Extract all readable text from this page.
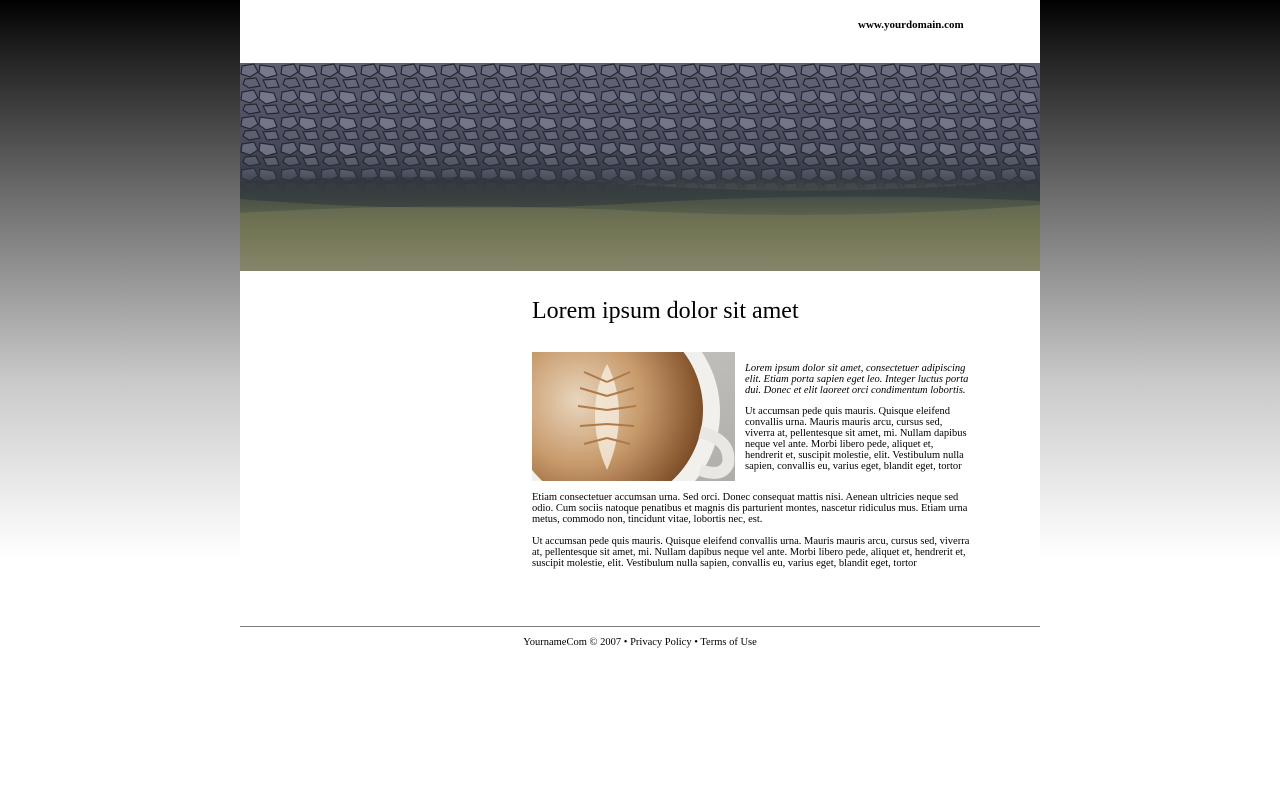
www.yourdomain.com
Lorem ipsum dolor sit amet

Lorem ipsum dolor sit amet, consectetuer adipiscing elit. Etiam porta sapien eget leo. Integer luctus porta dui. Donec et elit laoreet orci condimentum lobortis.

Ut accumsan pede quis mauris. Quisque eleifend convallis urna. Mauris mauris arcu, cursus sed, viverra at, pellentesque sit amet, mi. Nullam dapibus neque vel ante. Morbi libero pede, aliquet et, hendrerit et, suscipit molestie, elit. Vestibulum nulla sapien, convallis eu, varius eget, blandit eget, tortor

Etiam consectetuer accumsan urna. Sed orci. Donec consequat mattis nisi. Aenean ultricies neque sed odio. Cum sociis natoque penatibus et magnis dis parturient montes, nascetur ridiculus mus. Etiam urna metus, commodo non, tincidunt vitae, lobortis nec, est.

Ut accumsan pede quis mauris. Quisque eleifend convallis urna. Mauris mauris arcu, cursus sed, viverra at, pellentesque sit amet, mi. Nullam dapibus neque vel ante. Morbi libero pede, aliquet et, hendrerit et, suscipit molestie, elit. Vestibulum nulla sapien, convallis eu, varius eget, blandit eget, tortor

YournameCom © 2007 • Privacy Policy • Terms of Use
